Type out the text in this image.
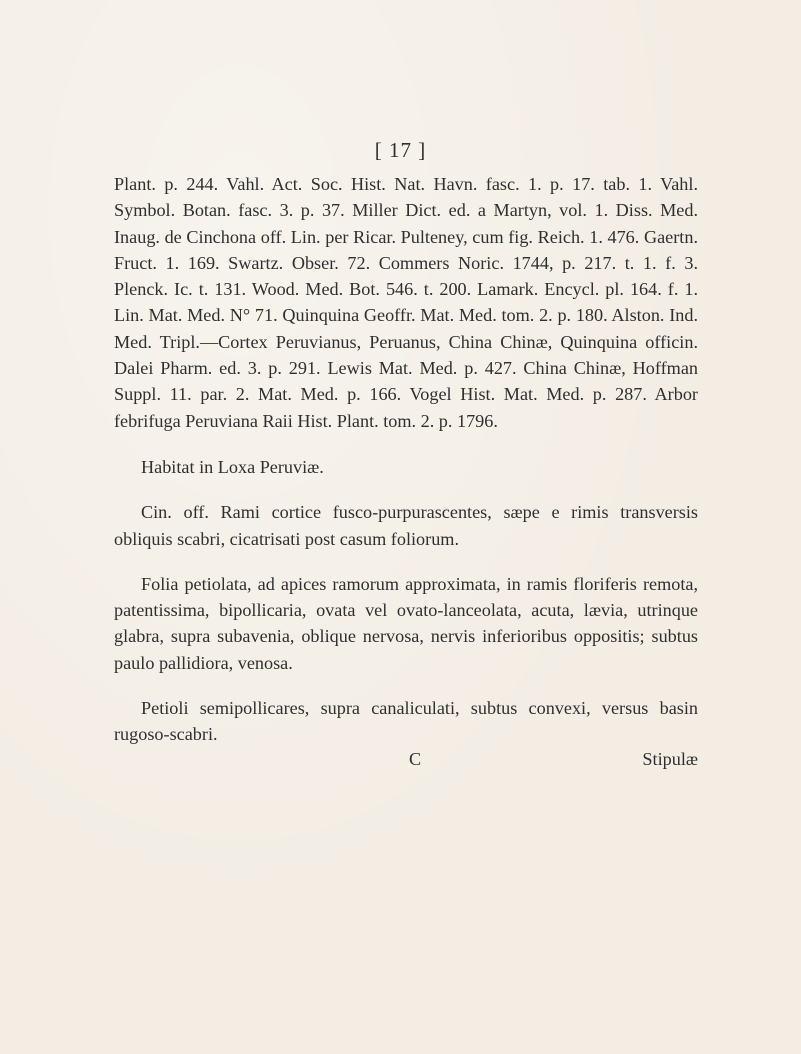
[ 17 ]

Plant. p. 244. Vahl. Act. Soc. Hist. Nat. Havn. fasc. 1. p. 17. tab. 1. Vahl. Symbol. Botan. fasc. 3. p. 37. Miller Dict. ed. a Martyn, vol. 1. Diss. Med. Inaug. de Cinchona off. Lin. per Ricar. Pulteney, cum fig. Reich. 1. 476. Gaertn. Fruct. 1. 169. Swartz. Obser. 72. Commers Noric. 1744, p. 217. t. 1. f. 3. Plenck. Ic. t. 131. Wood. Med. Bot. 546. t. 200. Lamark. Encycl. pl. 164. f. 1. Lin. Mat. Med. N° 71. Quinquina Geoffr. Mat. Med. tom. 2. p. 180. Alston. Ind. Med. Tripl.—Cortex Peruvianus, Peruanus, China Chinæ, Quinquina officin. Dalei Pharm. ed. 3. p. 291. Lewis Mat. Med. p. 427. China Chinæ, Hoffman Suppl. 11. par. 2. Mat. Med. p. 166. Vogel Hist. Mat. Med. p. 287. Arbor febrifuga Peruviana Raii Hist. Plant. tom. 2. p. 1796.

Habitat in Loxa Peruviæ.

Cin. off. Rami cortice fusco-purpurascentes, sæpe e rimis transversis obliquis scabri, cicatrisati post casum foliorum.

Folia petiolata, ad apices ramorum approximata, in ramis floriferis remota, patentissima, bipollicaria, ovata vel ovato-lanceolata, acuta, lævia, utrinque glabra, supra subavenia, oblique nervosa, nervis inferioribus oppositis; subtus paulo pallidiora, venosa.

Petioli semipollicares, supra canaliculati, subtus convexi, versus basin rugoso-scabri.

C	Stipulæ
